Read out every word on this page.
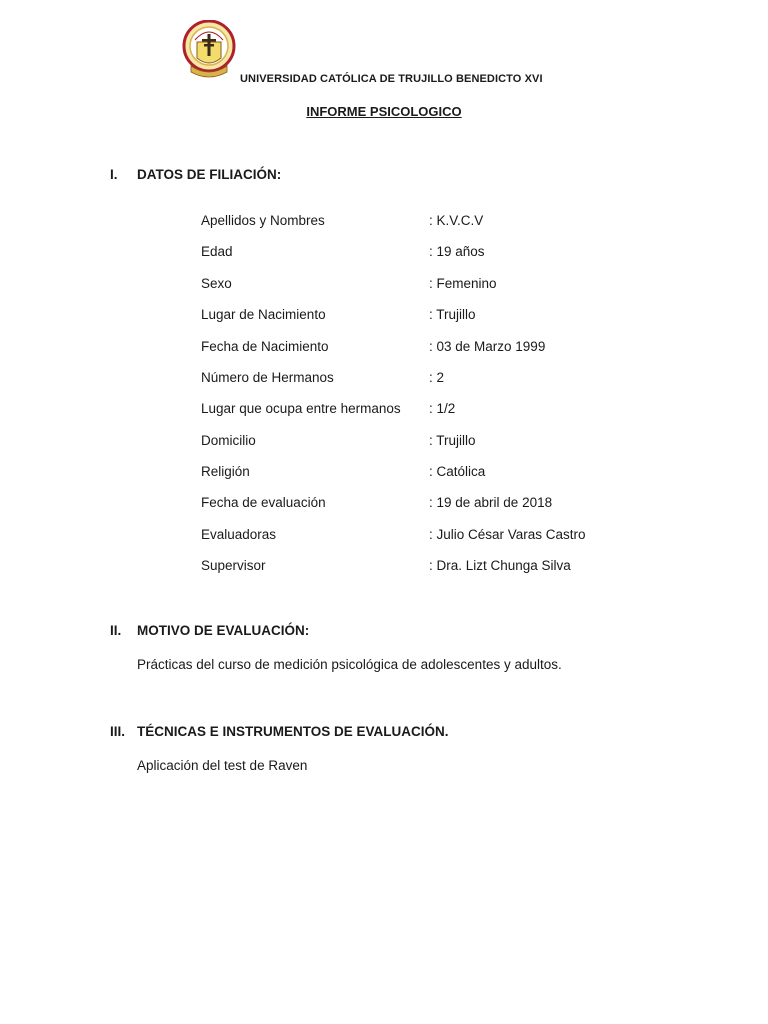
UNIVERSIDAD CATÓLICA DE TRUJILLO BENEDICTO XVI
INFORME PSICOLOGICO
I. DATOS DE FILIACIÓN:
Apellidos y Nombres	: K.V.C.V
Edad	: 19 años
Sexo	: Femenino
Lugar de Nacimiento	: Trujillo
Fecha de Nacimiento	: 03 de Marzo 1999
Número de Hermanos	: 2
Lugar que ocupa entre hermanos : 1/2
Domicilio	: Trujillo
Religión	: Católica
Fecha de evaluación	: 19 de abril de 2018
Evaluadoras	: Julio César Varas Castro
Supervisor	: Dra. Lizt Chunga Silva
II. MOTIVO DE EVALUACIÓN:
Prácticas del curso de medición psicológica de adolescentes y adultos.
III. TÉCNICAS E INSTRUMENTOS DE EVALUACIÓN.
Aplicación del test de Raven
